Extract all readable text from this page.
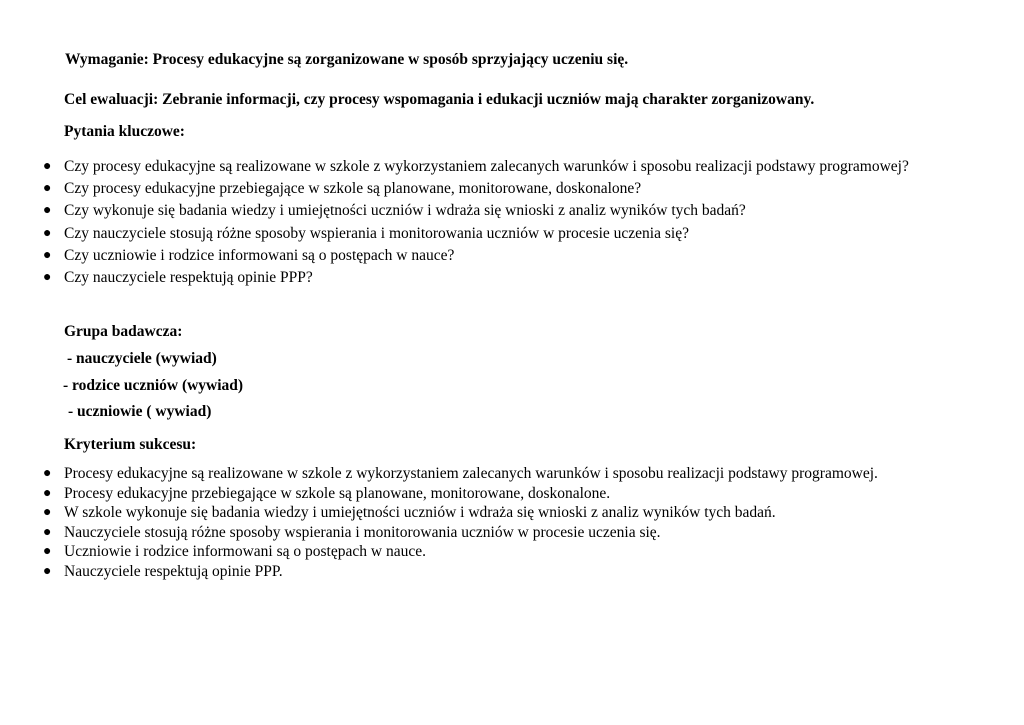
Wymaganie: Procesy edukacyjne są zorganizowane w sposób sprzyjający uczeniu się.
Cel ewaluacji: Zebranie informacji, czy procesy wspomagania i edukacji uczniów mają charakter zorganizowany.
Pytania kluczowe:
● Czy procesy edukacyjne są realizowane w szkole z wykorzystaniem zalecanych warunków i sposobu realizacji podstawy programowej?
● Czy procesy edukacyjne przebiegające w szkole są planowane, monitorowane, doskonalone?
● Czy wykonuje się badania wiedzy i umiejętności uczniów i wdraża się wnioski z analiz wyników tych badań?
● Czy nauczyciele stosują różne sposoby wspierania i monitorowania uczniów w procesie uczenia się?
● Czy uczniowie i rodzice informowani są o postępach w nauce?
● Czy nauczyciele respektują opinie PPP?
Grupa badawcza:
- nauczyciele (wywiad)
- rodzice uczniów (wywiad)
- uczniowie ( wywiad)
Kryterium sukcesu:
● Procesy edukacyjne są realizowane w szkole z wykorzystaniem zalecanych warunków i sposobu realizacji podstawy programowej.
● Procesy edukacyjne przebiegające w szkole są planowane, monitorowane, doskonalone.
● W szkole wykonuje się badania wiedzy i umiejętności uczniów i wdraża się wnioski z analiz wyników tych badań.
● Nauczyciele stosują różne sposoby wspierania i monitorowania uczniów w procesie uczenia się.
● Uczniowie i rodzice informowani są o postępach w nauce.
● Nauczyciele respektują opinie PPP.
